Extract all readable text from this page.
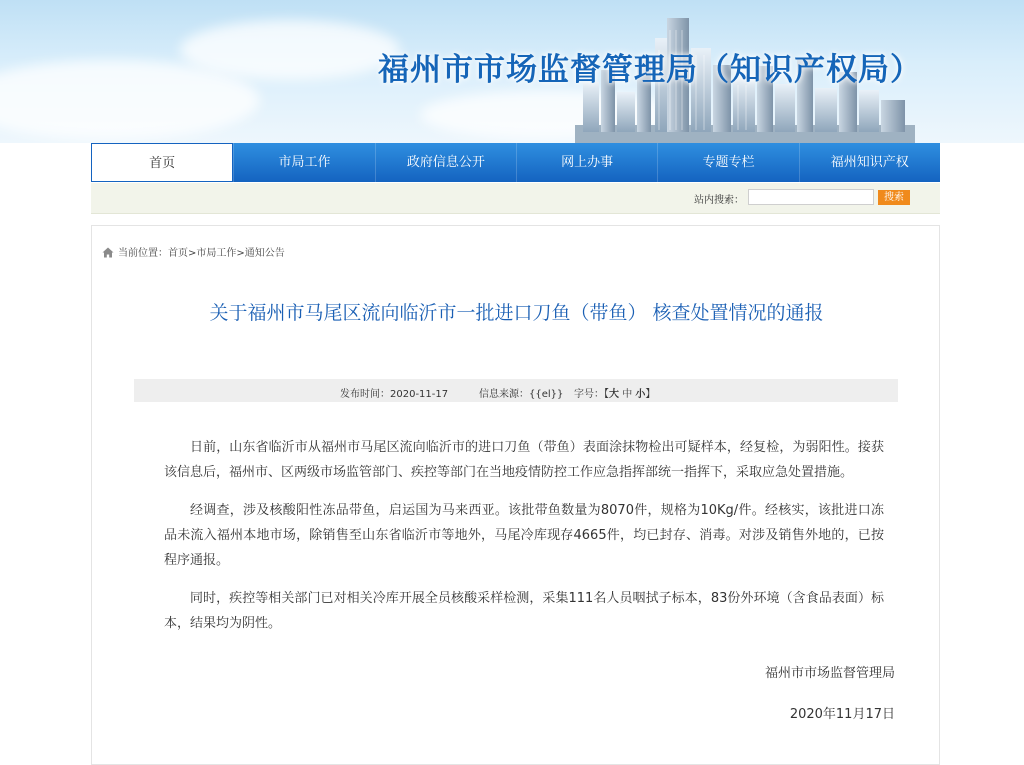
福州市市场监督管理局（知识产权局）
首页	市局工作	政府信息公开	网上办事	专题专栏	福州知识产权
站内搜索：	搜索
当前位置：首页>市局工作>通知公告
关于福州市马尾区流向临沂市一批进口刀鱼（带鱼） 核查处置情况的通报
发布时间：2020-11-17	信息来源：{{el}} 字号：【大 中 小】

日前，山东省临沂市从福州市马尾区流向临沂市的进口刀鱼（带鱼）表面涂抹物检出可疑样本，经复检，为弱阳性。接获该信息后，福州市、区两级市场监管部门、疾控等部门在当地疫情防控工作应急指挥部统一指挥下，采取应急处置措施。

经调查，涉及核酸阳性冻品带鱼，启运国为马来西亚。该批带鱼数量为8070件，规格为10Kg/件。经核实，该批进口冻品未流入福州本地市场，除销售至山东省临沂市等地外，马尾冷库现存4665件，均已封存、消毒。对涉及销售外地的，已按程序通报。

同时，疾控等相关部门已对相关冷库开展全员核酸采样检测，采集111名人员咽拭子标本，83份外环境（含食品表面）标本，结果均为阴性。

福州市市场监督管理局
2020年11月17日
